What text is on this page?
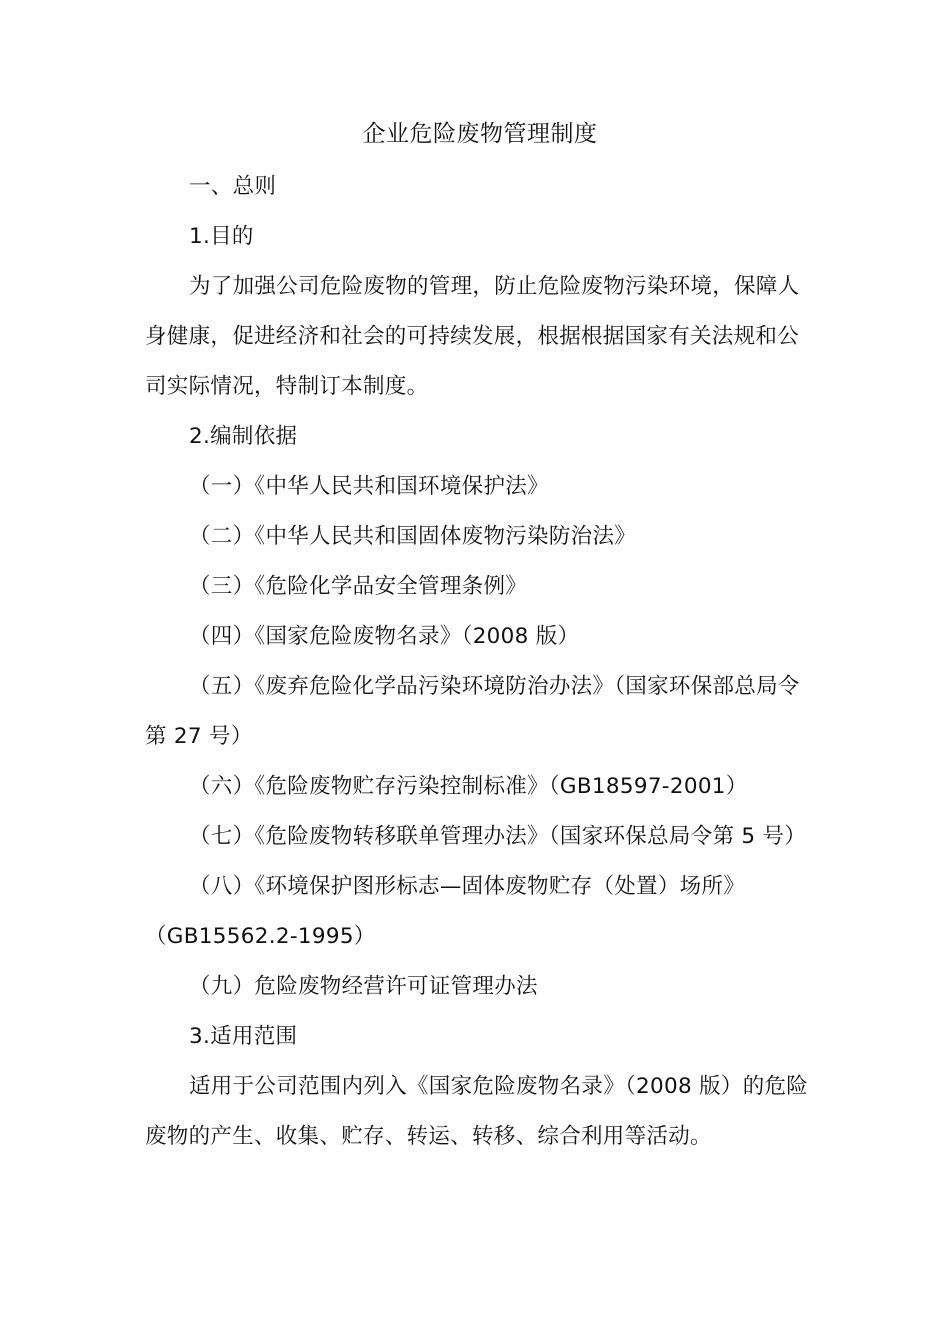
企业危险废物管理制度

一、总则

1.目的

为了加强公司危险废物的管理，防止危险废物污染环境，保障人

身健康，促进经济和社会的可持续发展，根据根据国家有关法规和公

司实际情况，特制订本制度。

2.编制依据

（一）《中华人民共和国环境保护法》

（二）《中华人民共和国固体废物污染防治法》

（三）《危险化学品安全管理条例》

（四）《国家危险废物名录》（2008 版）

（五）《废弃危险化学品污染环境防治办法》（国家环保部总局令

第 27 号）

（六）《危险废物贮存污染控制标准》（GB18597-2001）

（七）《危险废物转移联单管理办法》（国家环保总局令第 5 号）

（八）《环境保护图形标志—固体废物贮存（处置）场所》

（GB15562.2-1995）

（九）危险废物经营许可证管理办法

3.适用范围

适用于公司范围内列入《国家危险废物名录》（2008 版）的危险

废物的产生、收集、贮存、转运、转移、综合利用等活动。
